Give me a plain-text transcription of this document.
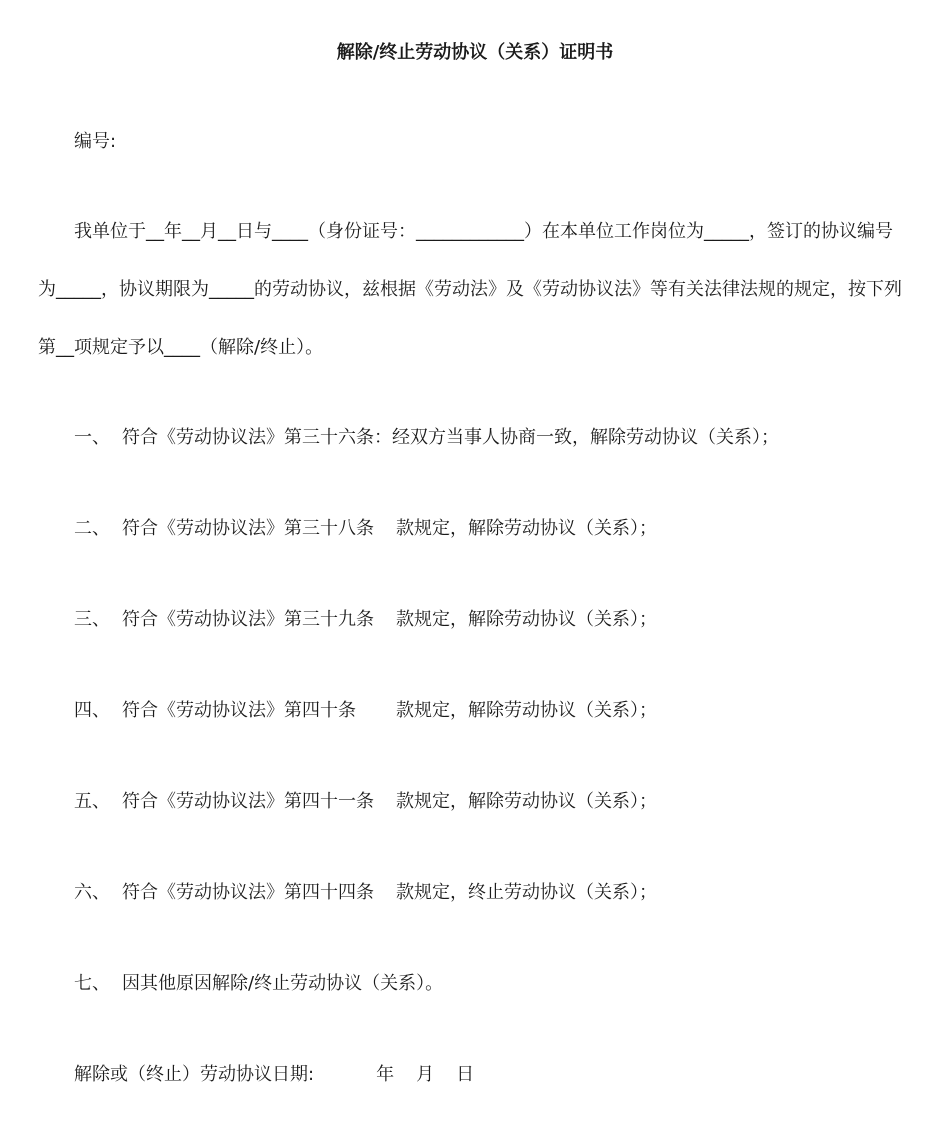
解除/终止劳动协议（关系）证明书
编号:
我单位于__年__月__日与____（身份证号：____________）在本单位工作岗位为_____，签订的协议编号
为_____，协议期限为_____的劳动协议，兹根据《劳动法》及《劳动协议法》等有关法律法规的规定，按下列
第__项规定予以____（解除/终止）。
一、 符合《劳动协议法》第三十六条：经双方当事人协商一致，解除劳动协议（关系）；
二、 符合《劳动协议法》第三十八条 款规定，解除劳动协议（关系）；
三、 符合《劳动协议法》第三十九条 款规定，解除劳动协议（关系）；
四、 符合《劳动协议法》第四十条 款规定，解除劳动协议（关系）；
五、 符合《劳动协议法》第四十一条 款规定，解除劳动协议（关系）；
六、 符合《劳动协议法》第四十四条 款规定，终止劳动协议（关系）；
七、 因其他原因解除/终止劳动协议（关系）。
解除或（终止）劳动协议日期:	年 月 日
